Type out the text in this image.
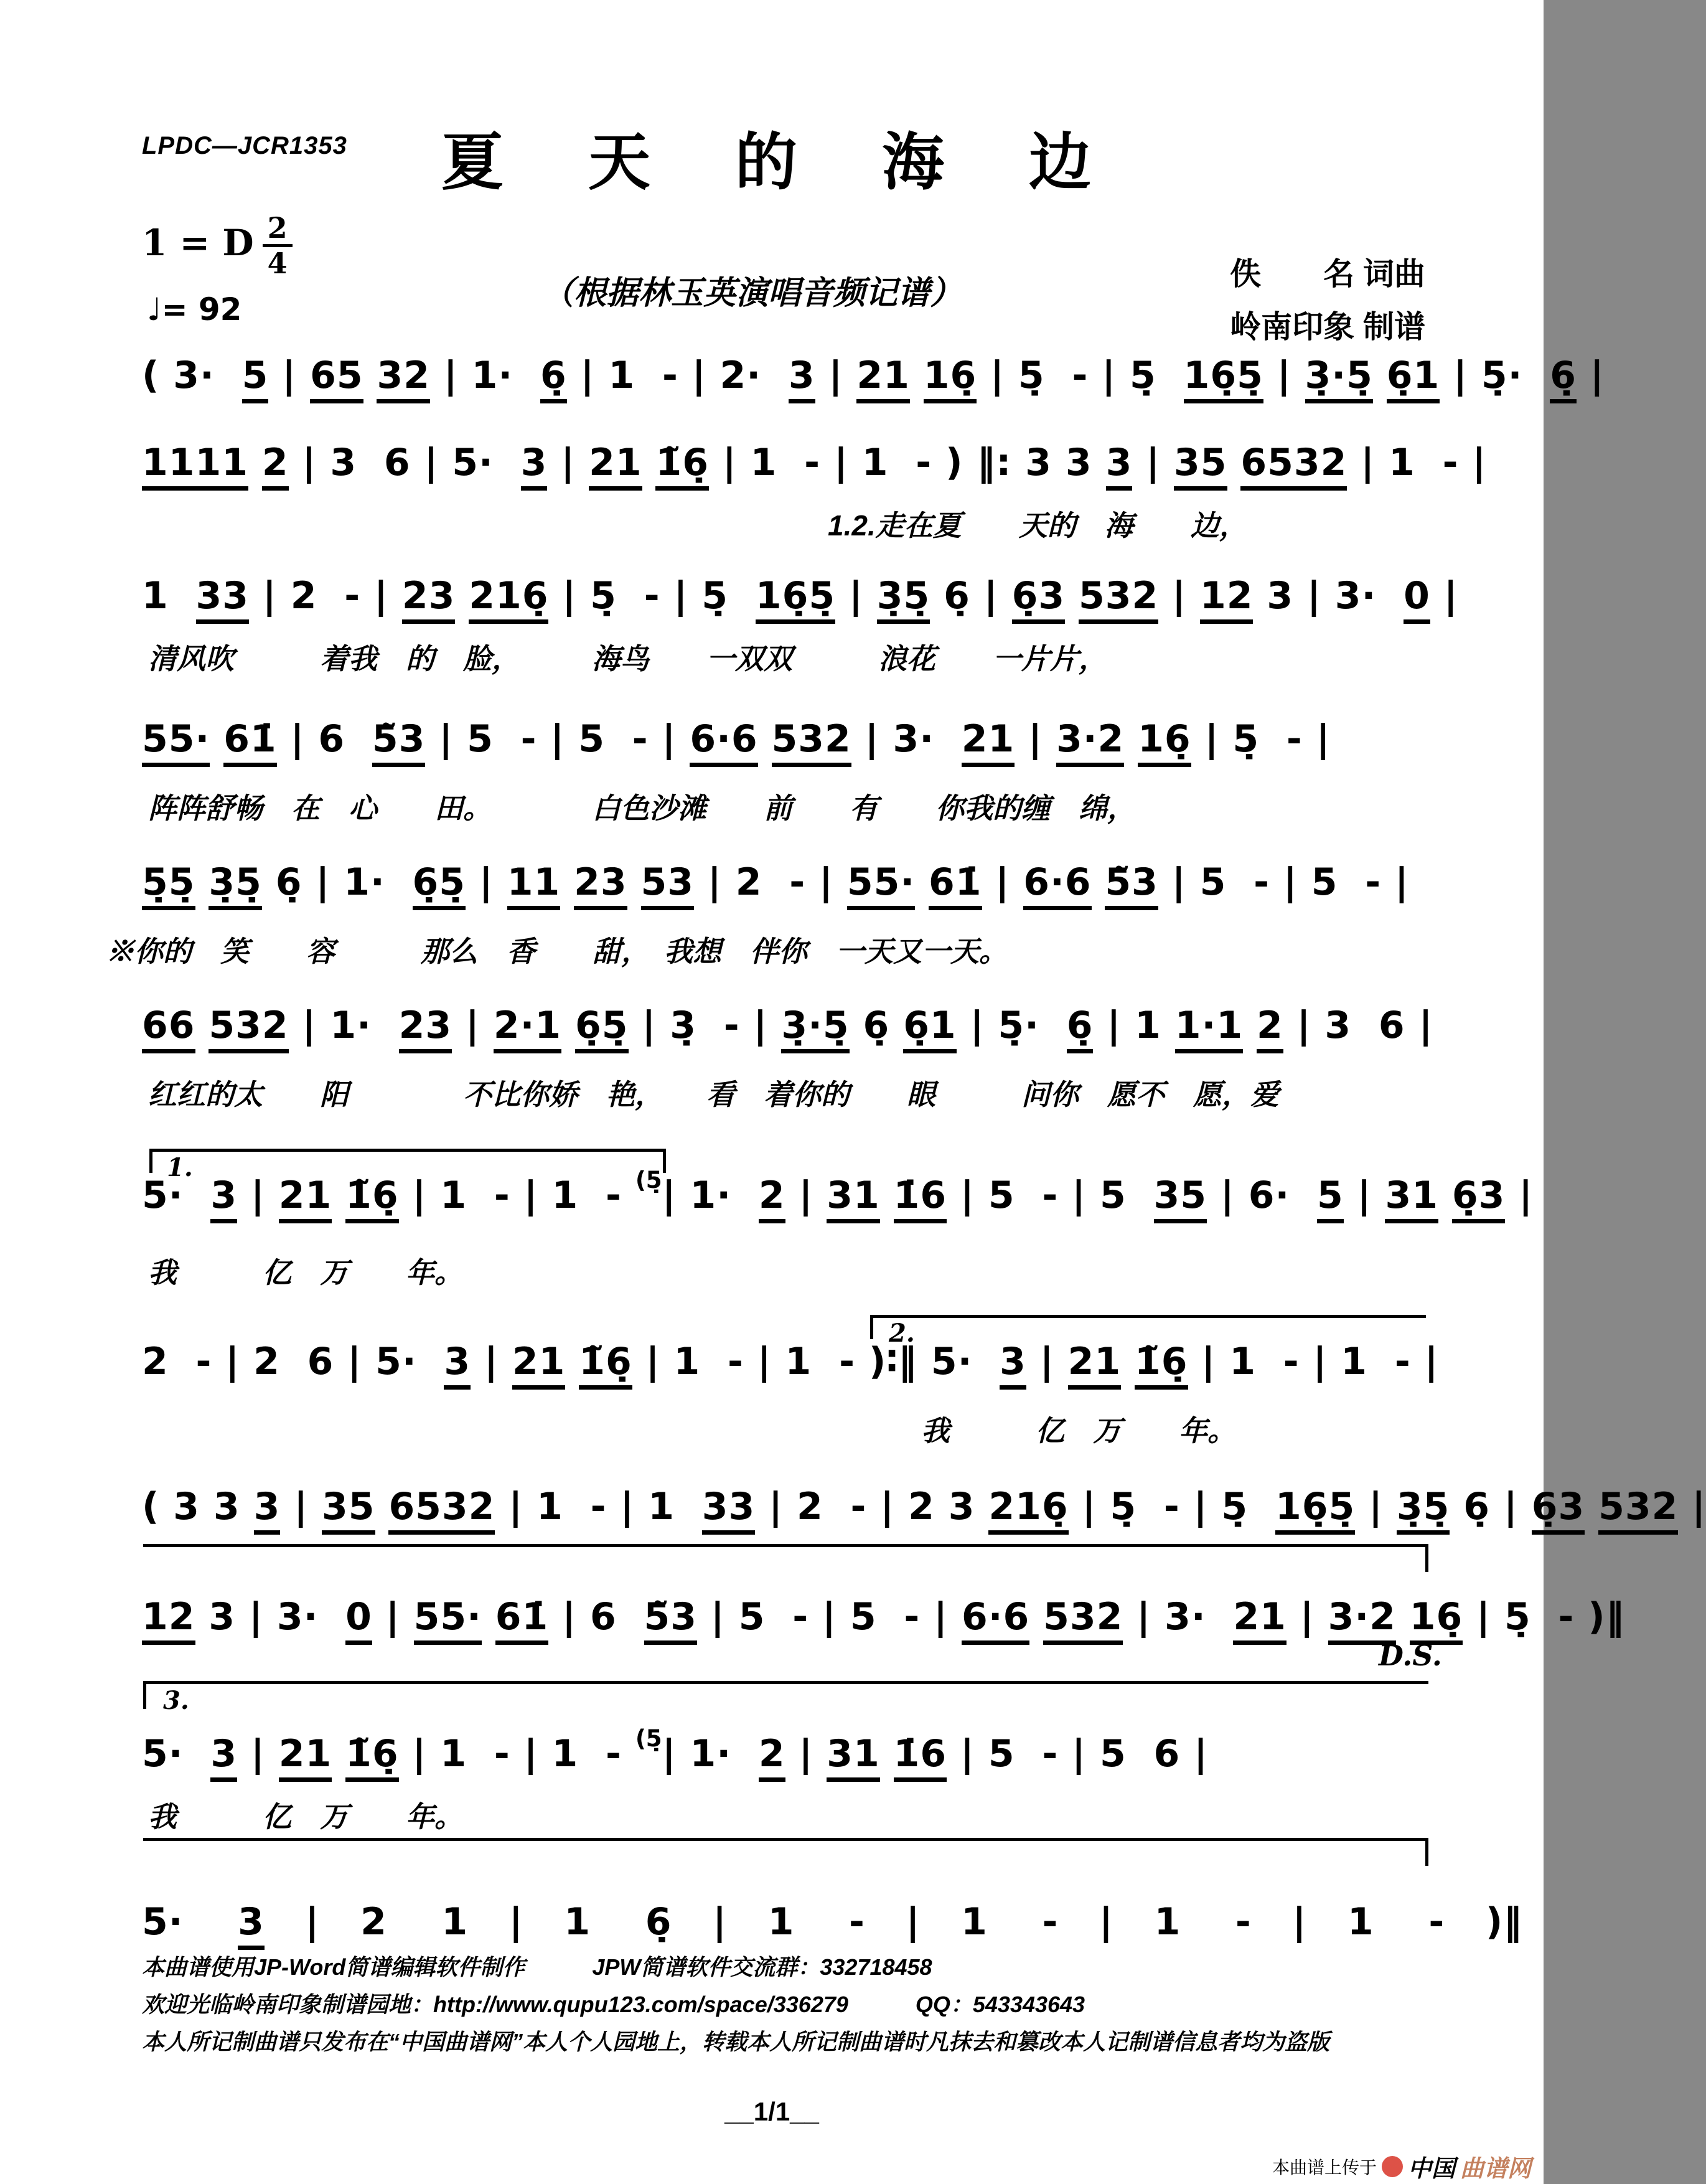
LPDC—JCR1353	夏　天　的　海　边
1 = D $\frac{2}{4}$
♩= 92	（根据林玉英演唱音频记谱）
佚　　名 词曲
岭南印象 制谱
( 3·  5 | 65 32 | 1·  6̣ | 1  - | 2·  3 | 21 16̣ | 5̣  - | 5̣  16̣5̣ | 3̣·5̣ 6̣1 | 5̣·  6̣ |
1111 2 | 3  6 | 5·  3 | 21 1̃6̣ | 1  - | 1  - ) ‖: 3 3 3 | 35 6532 | 1  - |
1.2.走在夏　　天的　海　　边，
1  33 | 2  - | 23 216̣ | 5̣  - | 5̣  16̣5̣ | 3̣5̣ 6̣ | 6̣3 532 | 12 3 | 3·  0 |
清风吹　　　着我　的　脸，　　　海鸟　　一双双　　　浪花　　一片片，
55· 61̇ | 6  5̃3 | 5  - | 5  - | 6·6 532 | 3·  21 | 3·2 16̣ | 5̣  - |
阵阵舒畅　在　心　　田。　　　　白色沙滩　　前　　有　　你我的缠　绵，
5̣5̣ 3̣5̣ 6̣ | 1·  6̣5̣ | 11 23 53 | 2  - | 55· 61̇ | 6·6 5̃3 | 5  - | 5  - |
※你的　笑　　容　　　那么　香　　甜，　我想　伴你　一天又一天。
66 532 | 1·  23 | 2·1 6̣5̣ | 3̣  - | 3̣·5̣ 6̣ 6̣1 | 5̣·  6̣ | 1 1·1 2 | 3  6 |
红红的太　　阳　　　　不比你娇　艳，　　看　着你的　　眼　　　问你　愿不　愿，爱
1.
5·  3 | 21 1̃6̣ | 1  - | 1  - $^{(5̣}$| 1·  2 | 31 1̇6 | 5  - | 5  35 | 6·  5 | 31 6̣3 |
我　　　亿　万　　年。
2.
2  - | 2  6 | 5·  3 | 21 1̃6̣ | 1  - | 1  - )∶‖ 5·  3 | 21 1̃6̣ | 1  - | 1  - |
我　　　亿　万　　年。
( 3 3 3 | 35 6532 | 1  - | 1  33 | 2  - | 2 3 216̣ | 5̣  - | 5̣  16̣5̣ | 3̣5̣ 6̣ | 6̣3 532 |
12 3 | 3·  0 | 55· 61̇ | 6  5̃3 | 5  - | 5  - | 6·6 532 | 3·  21 | 3·2 16̣ | 5̣  - )‖
D.S.
3.
5·  3 | 21 1̃6̣ | 1  - | 1  - $^{(5̣}$| 1·  2 | 31 1̇6 | 5  - | 5  6 |
我　　　亿　万　　年。
5·    3   |   2    1   |   1    6̣   |   1    -   |   1    -   |   1    -   |   1    -   )‖
本曲谱使用JP-Word简谱编辑软件制作　　　JPW简谱软件交流群：332718458
欢迎光临岭南印象制谱园地：http://www.qupu123.com/space/336279　　　QQ：543343643
本人所记制曲谱只发布在“中国曲谱网”本人个人园地上，转载本人所记制曲谱时凡抹去和篡改本人记制谱信息者均为盗版
__1/1__
本曲谱上传于 中国 曲谱网
